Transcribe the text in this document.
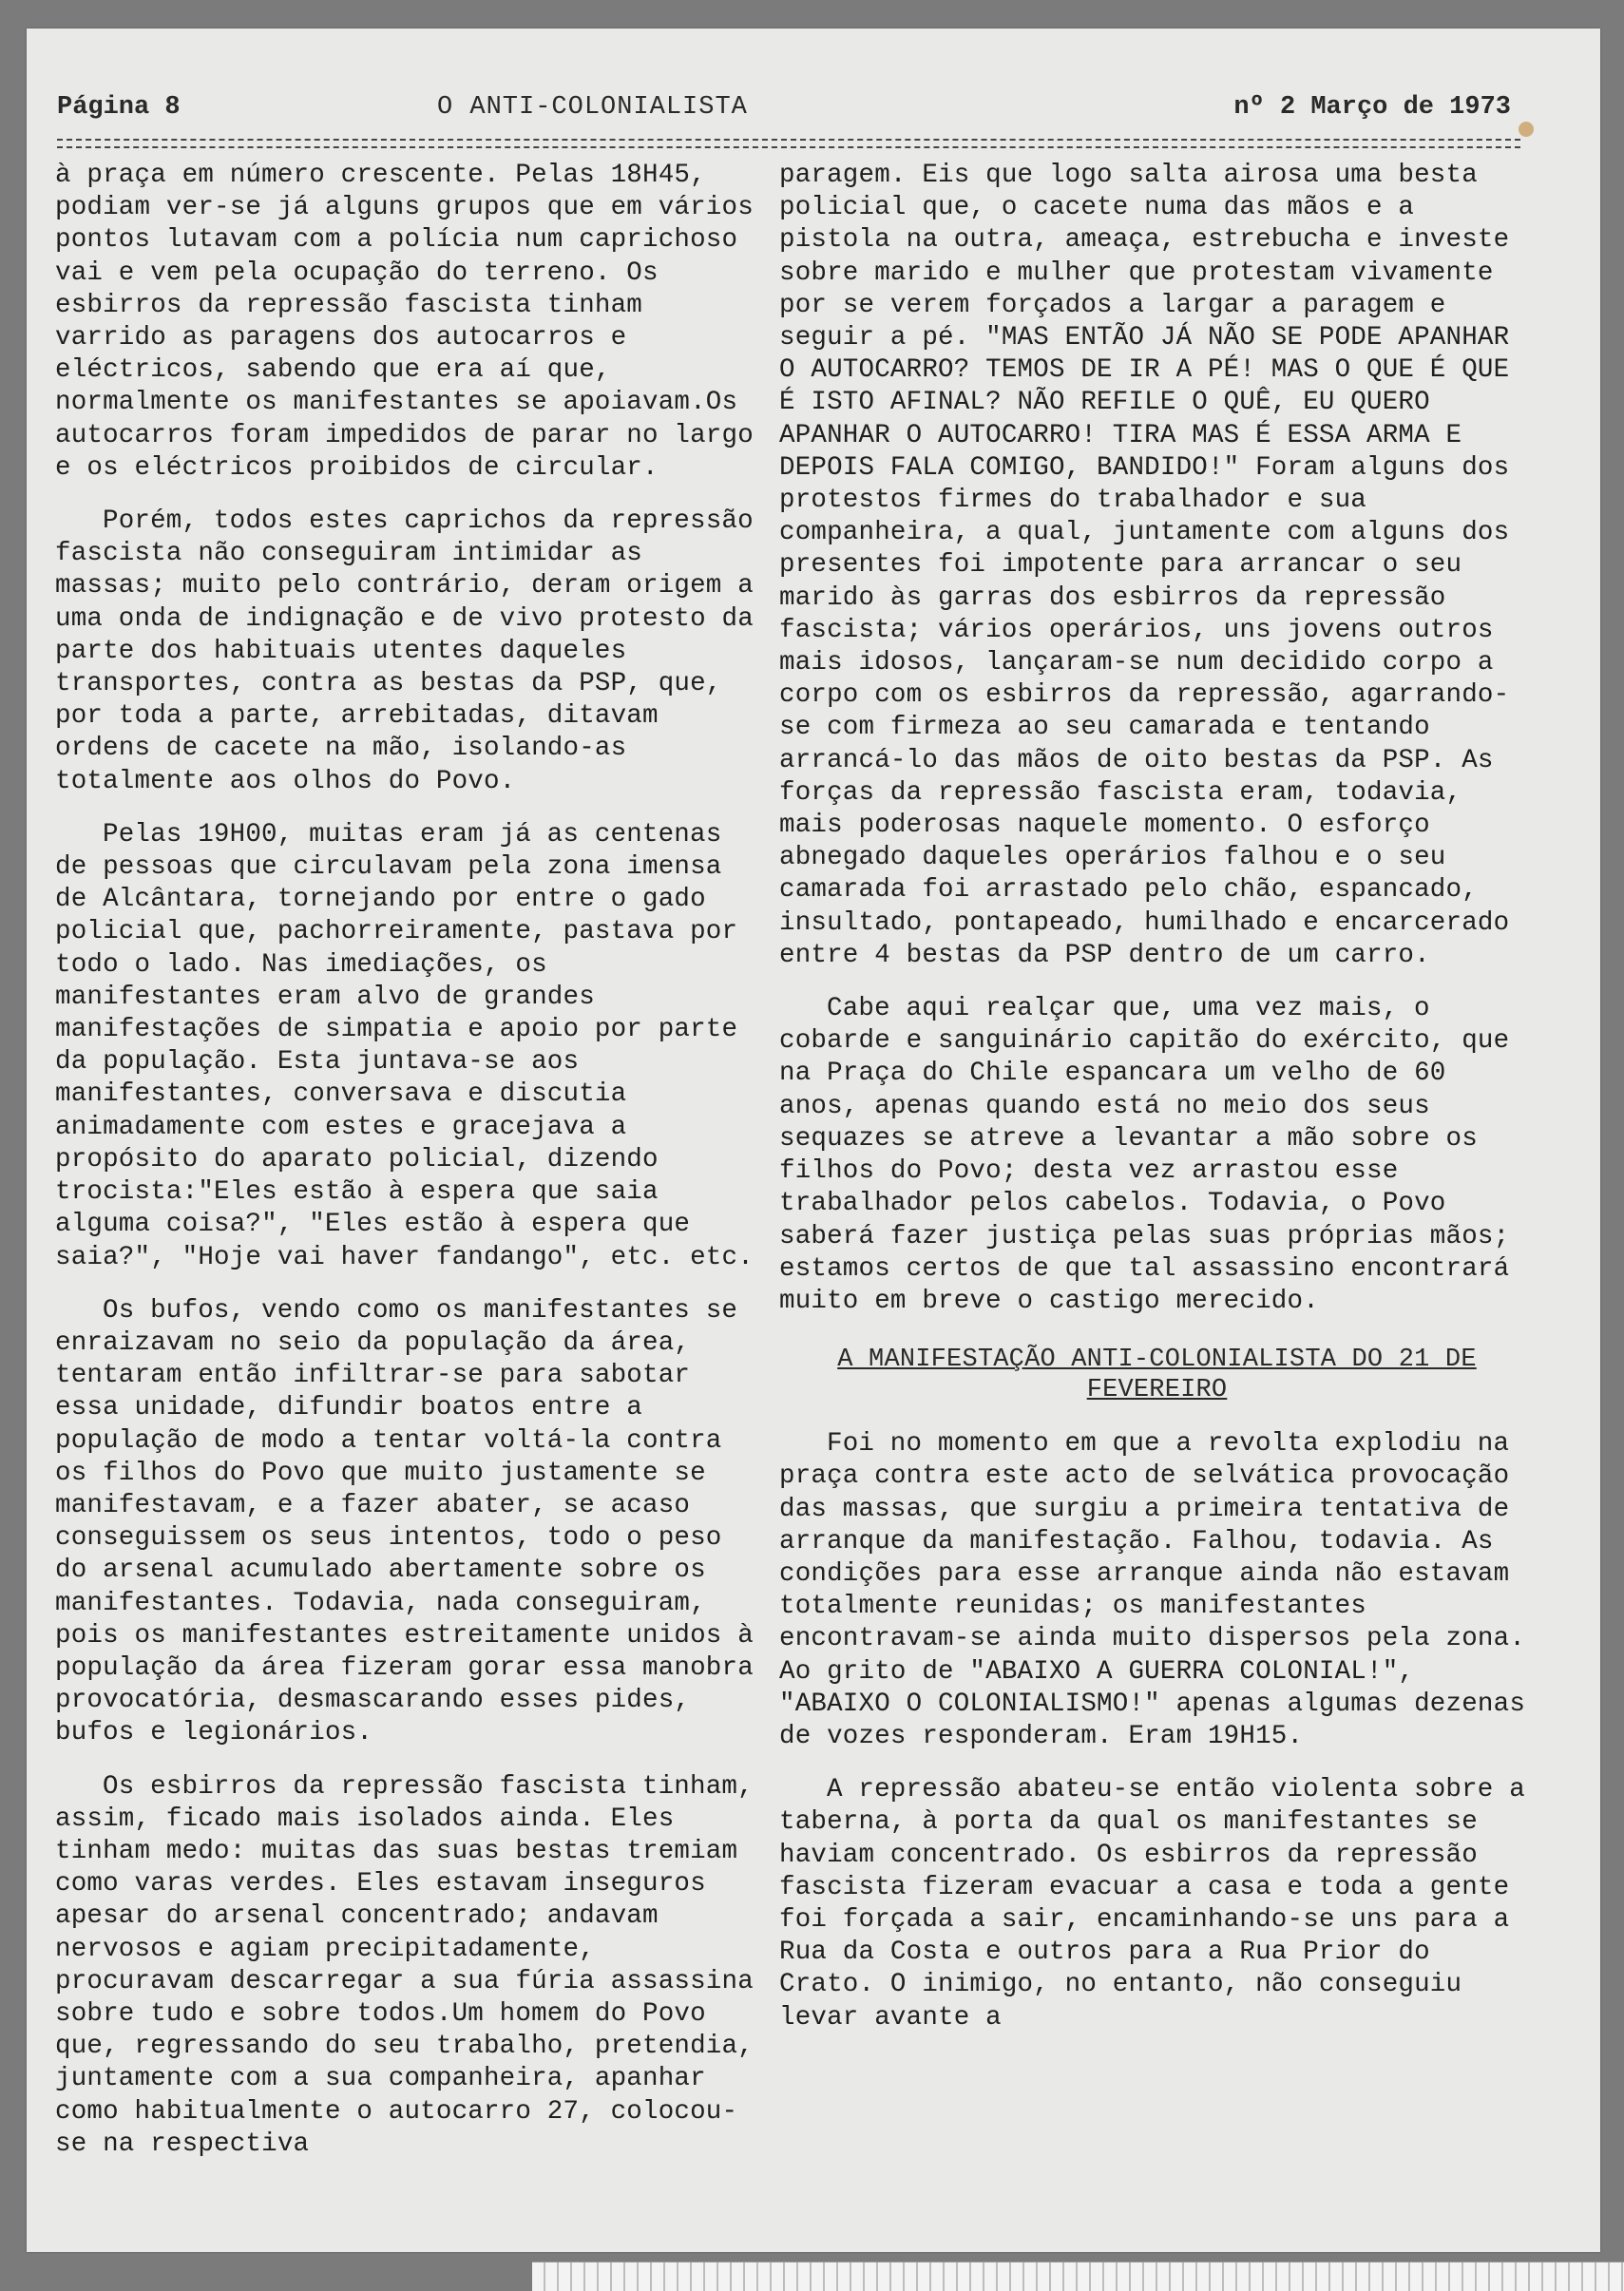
Página 8	O ANTI-COLONIALISTA	nº 2 Março de 1973

à praça em número crescente. Pelas 18H45, podiam ver-se já alguns grupos que em vários pontos lutavam com a polícia num caprichoso vai e vem pela ocupação do terreno. Os esbirros da repressão fascista tinham varrido as paragens dos autocarros e eléctricos, sabendo que era aí que, normalmente os manifestantes se apoiavam.Os autocarros foram impedidos de parar no largo e os eléctricos proibidos de circular.

Porém, todos estes caprichos da repressão fascista não conseguiram intimidar as massas; muito pelo contrário, deram origem a uma onda de indignação e de vivo protesto da parte dos habituais utentes daqueles transportes, contra as bestas da PSP, que, por toda a parte, arrebitadas, ditavam ordens de cacete na mão, isolando-as totalmente aos olhos do Povo.

Pelas 19H00, muitas eram já as centenas de pessoas que circulavam pela zona imensa de Alcântara, tornejando por entre o gado policial que, pachorreiramente, pastava por todo o lado. Nas imediações, os manifestantes eram alvo de grandes manifestações de simpatia e apoio por parte da população. Esta juntava-se aos manifestantes, conversava e discutia animadamente com estes e gracejava a propósito do aparato policial, dizendo trocista:"Eles estão à espera que saia alguma coisa?", "Eles estão à espera que saia?", "Hoje vai haver fandango", etc. etc.

Os bufos, vendo como os manifestantes se enraizavam no seio da população da área, tentaram então infiltrar-se para sabotar essa unidade, difundir boatos entre a população de modo a tentar voltá-la contra os filhos do Povo que muito justamente se manifestavam, e a fazer abater, se acaso conseguissem os seus intentos, todo o peso do arsenal acumulado abertamente sobre os manifestantes. Todavia, nada conseguiram, pois os manifestantes estreitamente unidos à população da área fizeram gorar essa manobra provocatória, desmascarando esses pides, bufos e legionários.

Os esbirros da repressão fascista tinham, assim, ficado mais isolados ainda. Eles tinham medo: muitas das suas bestas tremiam como varas verdes. Eles estavam inseguros apesar do arsenal concentrado; andavam nervosos e agiam precipitadamente, procuravam descarregar a sua fúria assassina sobre tudo e sobre todos.Um homem do Povo que, regressando do seu trabalho, pretendia, juntamente com a sua companheira, apanhar como habitualmente o autocarro 27, colocou-se na respectiva

paragem. Eis que logo salta airosa uma besta policial que, o cacete numa das mãos e a pistola na outra, ameaça, estrebucha e investe sobre marido e mulher que protestam vivamente por se verem forçados a largar a paragem e seguir a pé. "MAS ENTÃO JÁ NÃO SE PODE APANHAR O AUTOCARRO? TEMOS DE IR A PÉ! MAS O QUE É QUE É ISTO AFINAL? NÃO REFILE O QUÊ, EU QUERO APANHAR O AUTOCARRO! TIRA MAS É ESSA ARMA E DEPOIS FALA COMIGO, BANDIDO!" Foram alguns dos protestos firmes do trabalhador e sua companheira, a qual, juntamente com alguns dos presentes foi impotente para arrancar o seu marido às garras dos esbirros da repressão fascista; vários operários, uns jovens outros mais idosos, lançaram-se num decidido corpo a corpo com os esbirros da repressão, agarrando-se com firmeza ao seu camarada e tentando arrancá-lo das mãos de oito bestas da PSP. As forças da repressão fascista eram, todavia, mais poderosas naquele momento. O esforço abnegado daqueles operários falhou e o seu camarada foi arrastado pelo chão, espancado, insultado, pontapeado, humilhado e encarcerado entre 4 bestas da PSP dentro de um carro.

Cabe aqui realçar que, uma vez mais, o cobarde e sanguinário capitão do exército, que na Praça do Chile espancara um velho de 60 anos, apenas quando está no meio dos seus sequazes se atreve a levantar a mão sobre os filhos do Povo; desta vez arrastou esse trabalhador pelos cabelos. Todavia, o Povo saberá fazer justiça pelas suas próprias mãos; estamos certos de que tal assassino encontrará muito em breve o castigo merecido.

A MANIFESTAÇÃO ANTI-COLONIALISTA DO 21 DE FEVEREIRO

Foi no momento em que a revolta explodiu na praça contra este acto de selvática provocação das massas, que surgiu a primeira tentativa de arranque da manifestação. Falhou, todavia. As condições para esse arranque ainda não estavam totalmente reunidas; os manifestantes encontravam-se ainda muito dispersos pela zona. Ao grito de "ABAIXO A GUERRA COLONIAL!", "ABAIXO O COLONIALISMO!" apenas algumas dezenas de vozes responderam. Eram 19H15.

A repressão abateu-se então violenta sobre a taberna, à porta da qual os manifestantes se haviam concentrado. Os esbirros da repressão fascista fizeram evacuar a casa e toda a gente foi forçada a sair, encaminhando-se uns para a Rua da Costa e outros para a Rua Prior do Crato. O inimigo, no entanto, não conseguiu levar avante a
